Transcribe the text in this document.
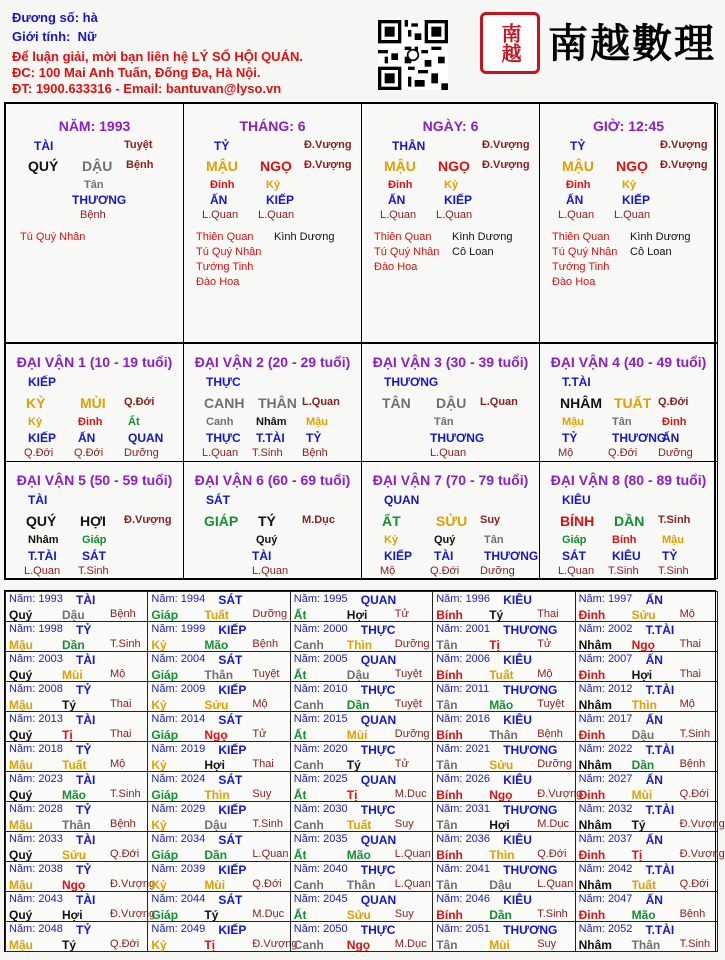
Đương số: hà
Giới tính: Nữ
Để luận giải, mời bạn liên hệ LÝ SỐ HỘI QUÁN.
ĐC: 100 Mai Anh Tuấn, Đống Đa, Hà Nội.
ĐT: 1900.633316 - Email: bantuvan@lyso.vn
南越 南越數理
NĂM: 1993
TÀI	Tuyệt
QUÝ DẬU Bệnh
Tân
THƯƠNG
Bệnh
Tú Quý Nhân
THÁNG: 6
TỶ	Đ.Vượng
MẬU NGỌ Đ.Vượng
Đinh
ẤN
L.Quan
Kỷ
KIẾP
L.Quan
Thiên Quan
Tú Quý Nhân
Tướng Tinh
Đào Hoa
Kình Dương
NGÀY: 6
THÂN	Đ.Vượng
MẬU NGỌ Đ.Vượng
Đinh
ẤN
L.Quan
Kỷ
KIẾP
L.Quan
Thiên Quan
Tú Quý Nhân
Đào Hoa
Kình Dương
Cô Loan
GIỜ: 12:45
TỶ	Đ.Vượng
MẬU NGỌ Đ.Vượng
Đinh
ẤN
L.Quan
Kỷ
KIẾP
L.Quan
Thiên Quan
Tú Quý Nhân
Tướng Tinh
Đào Hoa
Kình Dương
Cô Loan
ĐẠI VẬN 1 (10 - 19 tuổi)
KIẾP
KỶ MÙI Q.Đới
Kỷ
KIẾP
Q.Đới
Đinh
ẤN
Q.Đới
Ất
QUAN
Dưỡng
ĐẠI VẬN 2 (20 - 29 tuổi)
THỰC
CANH THÂN L.Quan
Canh
THỰC
L.Quan
Nhâm
T.TÀI
T.Sinh
Mậu
TỶ
Bệnh
ĐẠI VẬN 3 (30 - 39 tuổi)
THƯƠNG
TÂN DẬU L.Quan
Tân
THƯƠNG
L.Quan
ĐẠI VẬN 4 (40 - 49 tuổi)
T.TÀI
NHÂM TUẤT Q.Đới
Mậu
TỶ
Mộ
Tân
THƯƠNG
Q.Đới
Đinh
ẤN
Dưỡng
ĐẠI VẬN 5 (50 - 59 tuổi)
TÀI
QUÝ HỢI Đ.Vượng
Nhâm
T.TÀI
L.Quan
Giáp
SÁT
T.Sinh
ĐẠI VẬN 6 (60 - 69 tuổi)
SÁT
GIÁP TÝ M.Dục
Quý
TÀI
L.Quan
ĐẠI VẬN 7 (70 - 79 tuổi)
QUAN
ẤT	SỬU Suy
Kỷ
KIẾP
Mộ
Quý
TÀI
Q.Đới
Tân
THƯƠNG
Dưỡng
ĐẠI VẬN 8 (80 - 89 tuổi)
KIÊU
BÍNH DẦN T.Sinh
Giáp
SÁT
L.Quan
Bính
KIÊU
T.Sinh
Mậu
TỶ
T.Sinh
Năm: 1993 TÀI
Quý Dậu Bệnh
Năm: 1994 SÁT
Giáp Tuất Dưỡng
Năm: 1995 QUAN
Ất	Hợi Tử
Năm: 1996 KIÊU
Bính Tý	Thai
Năm: 1997 ẤN
Đinh Sửu Mộ
Năm: 1998 TỶ
Mậu Dần T.Sinh
Năm: 1999 KIẾP
Kỷ	Mão Bệnh
Năm: 2000 THỰC
Canh Thìn Dưỡng
Năm: 2001 THƯƠNG
Tân	Tị	Tử
Năm: 2002 T.TÀI
Nhâm Ngọ Thai
Năm: 2003 TÀI
Quý Mùi Mộ
Năm: 2004 SÁT
Giáp Thân Tuyệt
Năm: 2005 QUAN
Ất	Dậu Tuyệt
Năm: 2006 KIÊU
Bính Tuất Mộ
Năm: 2007 ẤN
Đinh Hợi Thai
Năm: 2008 TỶ
Mậu Tý	Thai
Năm: 2009 KIẾP
Kỷ	Sửu Mộ
Năm: 2010 THỰC
Canh Dần Tuyệt
Năm: 2011 THƯƠNG
Tân	Mão Tuyệt
Năm: 2012 T.TÀI
Nhâm Thìn Mộ
Năm: 2013 TÀI
Quý Tị	Thai
Năm: 2014 SÁT
Giáp Ngọ Tử
Năm: 2015 QUAN
Ất	Mùi Dưỡng
Năm: 2016 KIÊU
Bính Thân Bệnh
Năm: 2017 ẤN
Đinh Dậu T.Sinh
Năm: 2018 TỶ
Mậu Tuất Mộ
Năm: 2019 KIẾP
Kỷ	Hợi Thai
Năm: 2020 THỰC
Canh Tý	Tử
Năm: 2021 THƯƠNG
Tân	Sửu Dưỡng
Năm: 2022 T.TÀI
Nhâm Dần Bệnh
Năm: 2023 TÀI
Quý Mão T.Sinh
Năm: 2024 SÁT
Giáp Thìn Suy
Năm: 2025 QUAN
Ất	Tị	M.Dục
Năm: 2026 KIÊU
Bính Ngọ Đ.Vượng
Năm: 2027 ẤN
Đinh Mùi Q.Đới
Năm: 2028 TỶ
Mậu Thân Bệnh
Năm: 2029 KIẾP
Kỷ	Dậu T.Sinh
Năm: 2030 THỰC
Canh Tuất Suy
Năm: 2031 THƯƠNG
Tân	Hợi M.Dục
Năm: 2032 T.TÀI
Nhâm Tý	Đ.Vượng
Năm: 2033 TÀI
Quý Sửu Q.Đới
Năm: 2034 SÁT
Giáp Dần L.Quan
Năm: 2035 QUAN
Ất	Mão L.Quan
Năm: 2036 KIÊU
Bính Thìn Q.Đới
Năm: 2037 ẤN
Đinh Tị	Đ.Vượng
Năm: 2038 TỶ
Mậu Ngọ Đ.Vượng
Năm: 2039 KIẾP
Kỷ	Mùi Q.Đới
Năm: 2040 THỰC
Canh Thân L.Quan
Năm: 2041 THƯƠNG
Tân	Dậu L.Quan
Năm: 2042 T.TÀI
Nhâm Tuất Q.Đới
Năm: 2043 TÀI
Quý Hợi Đ.Vượng
Năm: 2044 SÁT
Giáp Tý	M.Dục
Năm: 2045 QUAN
Ất	Sửu Suy
Năm: 2046 KIÊU
Bính Dần T.Sinh
Năm: 2047 ẤN
Đinh Mão Bệnh
Năm: 2048 TỶ
Mậu Tý	Q.Đới
Năm: 2049 KIẾP
Kỷ	Tị	Đ.Vượng
Năm: 2050 THỰC
Canh Ngọ M.Dục
Năm: 2051 THƯƠNG
Tân	Mùi Suy
Năm: 2052 T.TÀI
Nhâm Thân T.Sinh
